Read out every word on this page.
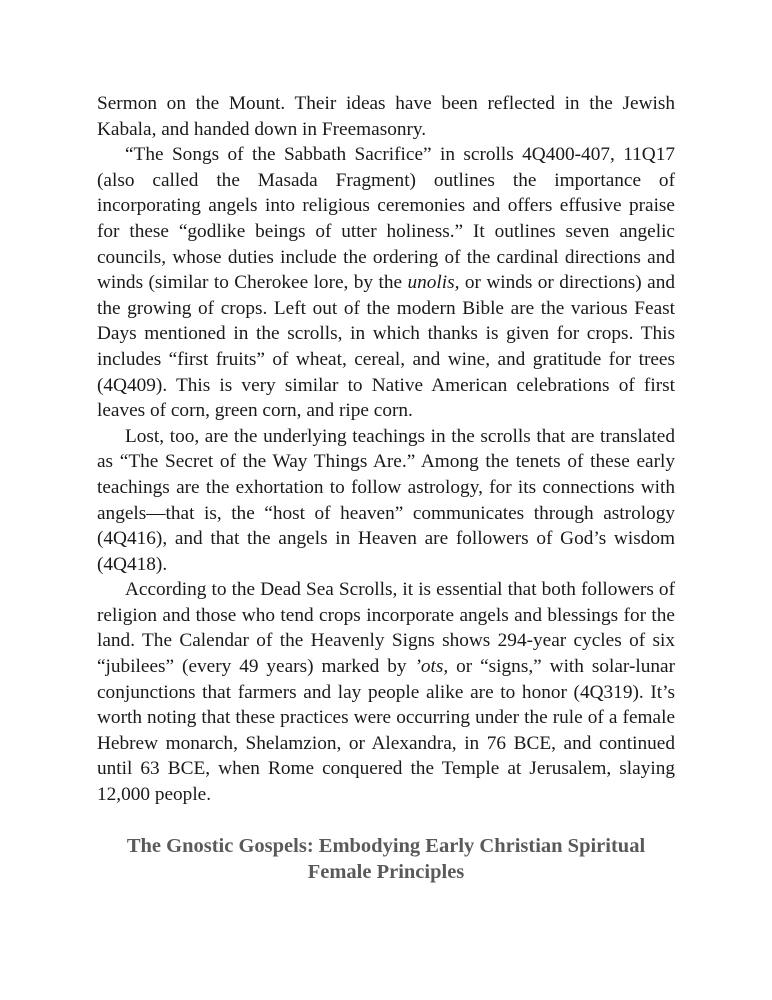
Sermon on the Mount. Their ideas have been reflected in the Jewish Kabala, and handed down in Freemasonry.

“The Songs of the Sabbath Sacrifice” in scrolls 4Q400-407, 11Q17 (also called the Masada Fragment) outlines the importance of incorporating angels into religious ceremonies and offers effusive praise for these “godlike beings of utter holiness.” It outlines seven angelic councils, whose duties include the ordering of the cardinal directions and winds (similar to Cherokee lore, by the unolis, or winds or directions) and the growing of crops. Left out of the modern Bible are the various Feast Days mentioned in the scrolls, in which thanks is given for crops. This includes “first fruits” of wheat, cereal, and wine, and gratitude for trees (4Q409). This is very similar to Native American celebrations of first leaves of corn, green corn, and ripe corn.

Lost, too, are the underlying teachings in the scrolls that are translated as “The Secret of the Way Things Are.” Among the tenets of these early teachings are the exhortation to follow astrology, for its connections with angels—that is, the “host of heaven” communicates through astrology (4Q416), and that the angels in Heaven are followers of God’s wisdom (4Q418).

According to the Dead Sea Scrolls, it is essential that both followers of religion and those who tend crops incorporate angels and blessings for the land. The Calendar of the Heavenly Signs shows 294-year cycles of six “jubilees” (every 49 years) marked by ’ots, or “signs,” with solar-lunar conjunctions that farmers and lay people alike are to honor (4Q319). It’s worth noting that these practices were occurring under the rule of a female Hebrew monarch, Shelamzion, or Alexandra, in 76 BCE, and continued until 63 BCE, when Rome conquered the Temple at Jerusalem, slaying 12,000 people.

The Gnostic Gospels: Embodying Early Christian Spiritual
Female Principles
